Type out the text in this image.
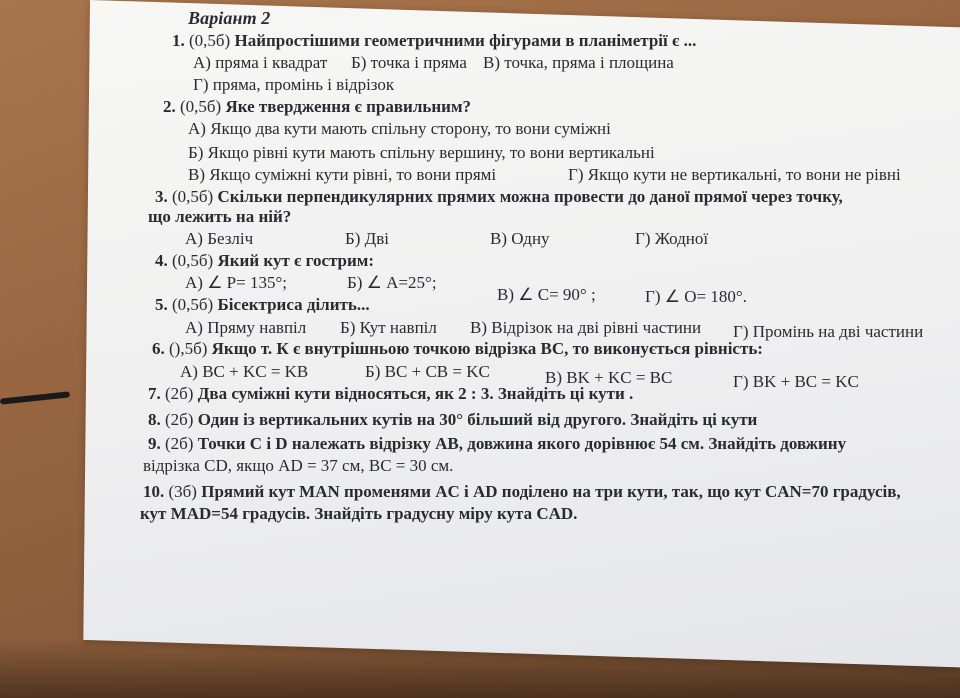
Варіант 2
1. (0,5б) Найпростішими геометричними фігурами в планіметрії є ...
А) пряма і квадрат Б) точка і пряма В) точка, пряма і площина
Г) пряма, промінь і відрізок
2. (0,5б) Яке твердження є правильним?
А) Якщо два кути мають спільну сторону, то вони суміжні
Б) Якщо рівні кути мають спільну вершину, то вони вертикальні
В) Якщо суміжні кути рівні, то вони прямі	Г) Якщо кути не вертикальні, то вони не рівні
3. (0,5б) Скільки перпендикулярних прямих можна провести до даної прямої через точку,
що лежить на ній?
А) Безліч	Б) Дві	В) Одну	Г) Жодної
4. (0,5б) Який кут є гострим:
А) ∠ P= 135°;	Б) ∠ A=25°;
В) ∠ C= 90° ;	Г) ∠ O= 180°.
5. (0,5б) Бісектриса ділить...
А) Пряму навпіл Б) Кут навпіл В) Відрізок на дві рівні частини Г) Промінь на дві частини
6. (),5б) Якщо т. К є внутрішньою точкою відрізка ВС, то виконується рівність:
А) BC + KC = KB	Б) BC + CB = KC	В) BK + KC = BC	Г) BK + BC = KC
7. (2б) Два суміжні кути відносяться, як 2 : 3. Знайдіть ці кути .
8. (2б) Один із вертикальних кутів на 30° більший від другого. Знайдіть ці кути
9. (2б) Точки С і D належать відрізку АВ, довжина якого дорівнює 54 см. Знайдіть довжину
відрізка CD, якщо AD = 37 см, BC = 30 см.
10. (3б) Прямий кут MAN променями AC і AD поділено на три кути, так, що кут CAN=70 градусів,
кут MAD=54 градусів. Знайдіть градусну міру кута CAD.
